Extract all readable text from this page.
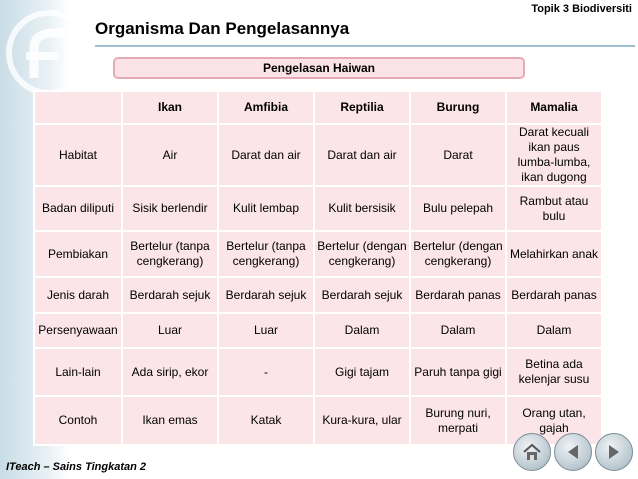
Topik 3 Biodiversiti
Organisma Dan Pengelasannya
Pengelasan Haiwan
	Ikan	Amfibia	Reptilia	Burung	Mamalia
Habitat	Air	Darat dan air	Darat dan air	Darat	Darat kecuali ikan paus lumba-lumba, ikan dugong
Badan diliputi	Sisik berlendir	Kulit lembap	Kulit bersisik	Bulu pelepah	Rambut atau bulu
Pembiakan	Bertelur (tanpa cengkerang)	Bertelur (tanpa cengkerang)	Bertelur (dengan cengkerang)	Bertelur (dengan cengkerang)	Melahirkan anak
Jenis darah	Berdarah sejuk	Berdarah sejuk	Berdarah sejuk	Berdarah panas	Berdarah panas
Persenyawaan	Luar	Luar	Dalam	Dalam	Dalam
Lain-lain	Ada sirip, ekor	-	Gigi tajam	Paruh tanpa gigi	Betina ada kelenjar susu
Contoh	Ikan emas	Katak	Kura-kura, ular	Burung nuri, merpati	Orang utan, gajah
ITeach – Sains Tingkatan 2
